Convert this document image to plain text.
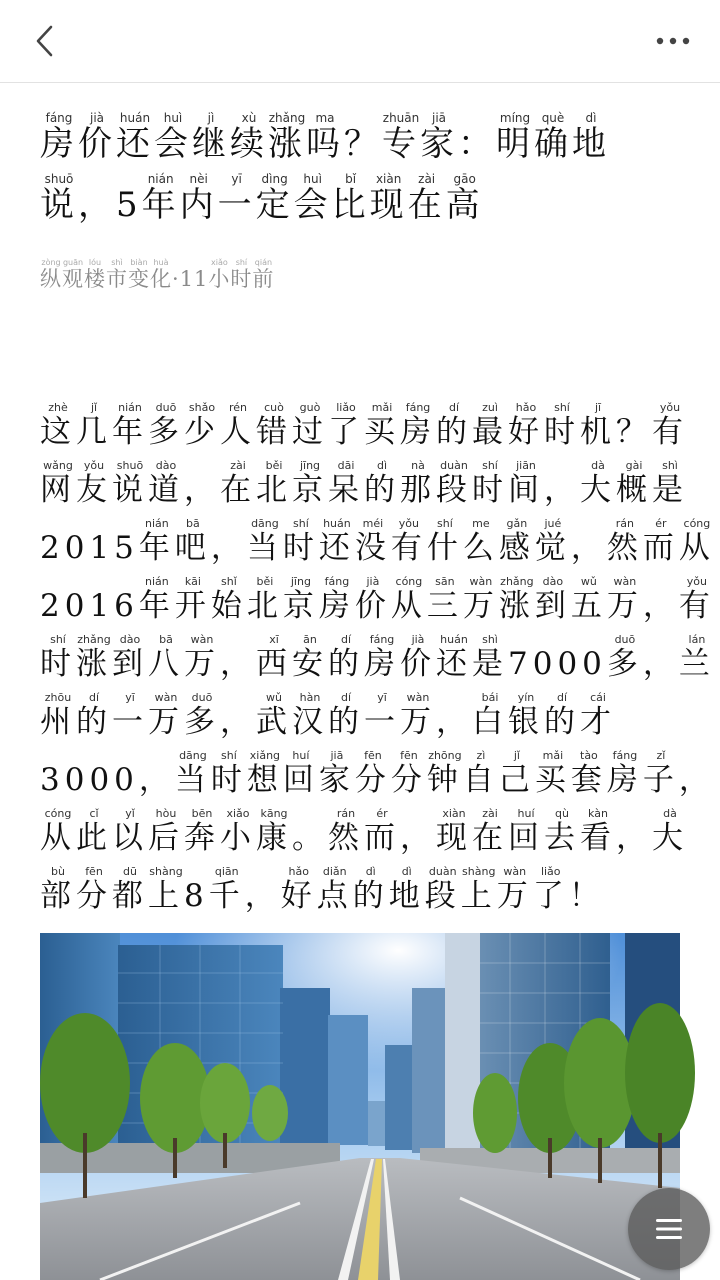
房fáng价jià还huán会huì继jì续xù涨zhǎng吗ma？ 专zhuān家jiā： 明míng确què地dì
说shuō， 5 年nián内nèi一yī定dìng会huì比bǐ现xiàn在zài高gāo
纵zòng观guān楼lóu市shì变biàn化huà· 11 小xiǎo时shí前qián
这zhè几jǐ年nián多duō少shǎo人rén错cuò过guò了liǎo买mǎi房fáng的dí最zuì好hǎo时shí机jī？ 有yǒu
网wǎng友yǒu说shuō道dào， 在zài北běi京jīng呆dāi的dì那nà段duàn时shí间jiān， 大dà概gài是shì
2015 年nián吧bā， 当dāng时shí还huán没méi有yǒu什shí么me感gǎn觉jué， 然rán而ér从cóng
2016 年nián开kāi始shǐ北běi京jīng房fáng价jià从cóng三sān万wàn涨zhǎng到dào五wǔ万wàn， 有yǒu
时shí涨zhǎng到dào八bā万wàn， 西xī安ān的dí房fáng价jià还huán是shì7000 多duō， 兰lán
州zhōu的dí一yī万wàn多duō， 武wǔ汉hàn的dí一yī万wàn， 白bái银yín的dí才cái
3000 ， 当dāng时shí想xiǎng回huí家jiā分fēn分fēn钟zhōng自zì己jǐ买mǎi套tào房fáng子zǐ，
从cóng此cǐ以yǐ后hòu奔bēn小xiǎo康kāng。 然rán而ér， 现xiàn在zài回huí去qù看kàn， 大dà
部bù分fēn都dū上shàng8 千qiān， 好hǎo点diǎn的dì地dì段duàn上shàng万wàn了liǎo！
